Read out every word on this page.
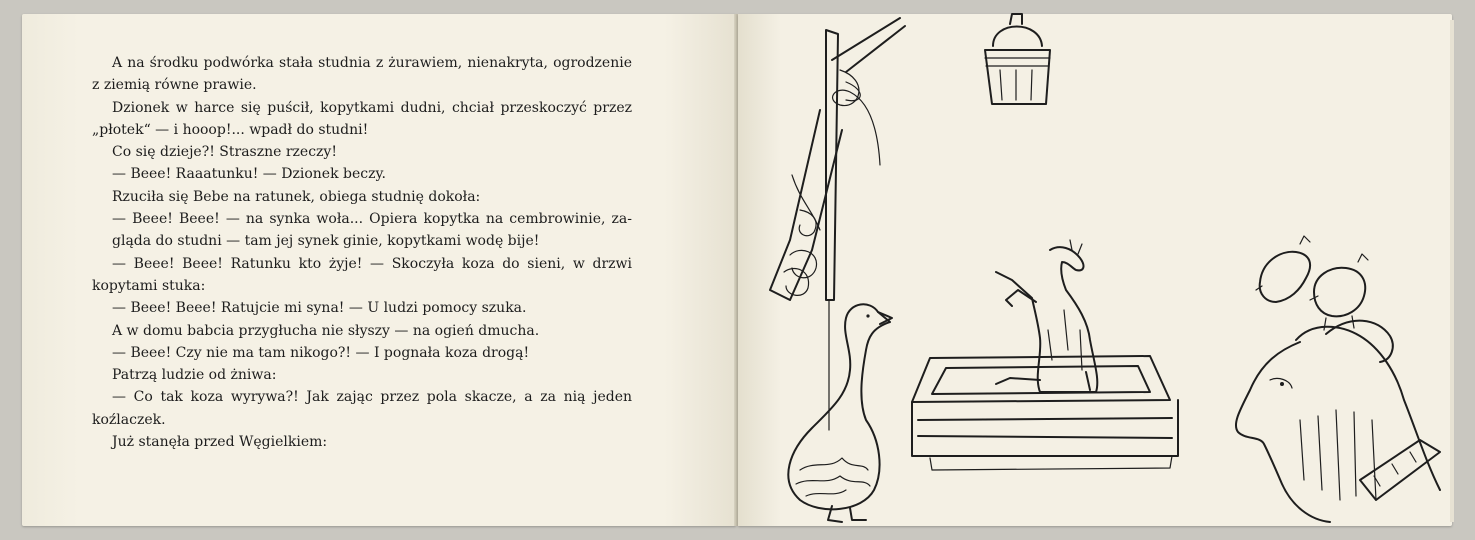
A na środku podwórka stała studnia z żurawiem, nienakryta, ogrodzenie

z ziemią równe prawie.

Dzionek w harce się puścił, kopytkami dudni, chciał przeskoczyć przez

„płotek“ — i hooop!... wpadł do studni!

Co się dzieje?! Straszne rzeczy!

— Beee! Raaatunku! — Dzionek beczy.

Rzuciła się Bebe na ratunek, obiega studnię dokoła:

— Beee! Beee! — na synka woła... Opiera kopytka na cembrowinie, za-

gląda do studni — tam jej synek ginie, kopytkami wodę bije!

— Beee! Beee! Ratunku kto żyje! — Skoczyła koza do sieni, w drzwi

kopytami stuka:

— Beee! Beee! Ratujcie mi syna! — U ludzi pomocy szuka.

A w domu babcia przygłucha nie słyszy — na ogień dmucha.

— Beee! Czy nie ma tam nikogo?! — I pognała koza drogą!

Patrzą ludzie od żniwa:

— Co tak koza wyrywa?! Jak zając przez pola skacze, a za nią jeden

koźlaczek.

Już stanęła przed Węgielkiem:
